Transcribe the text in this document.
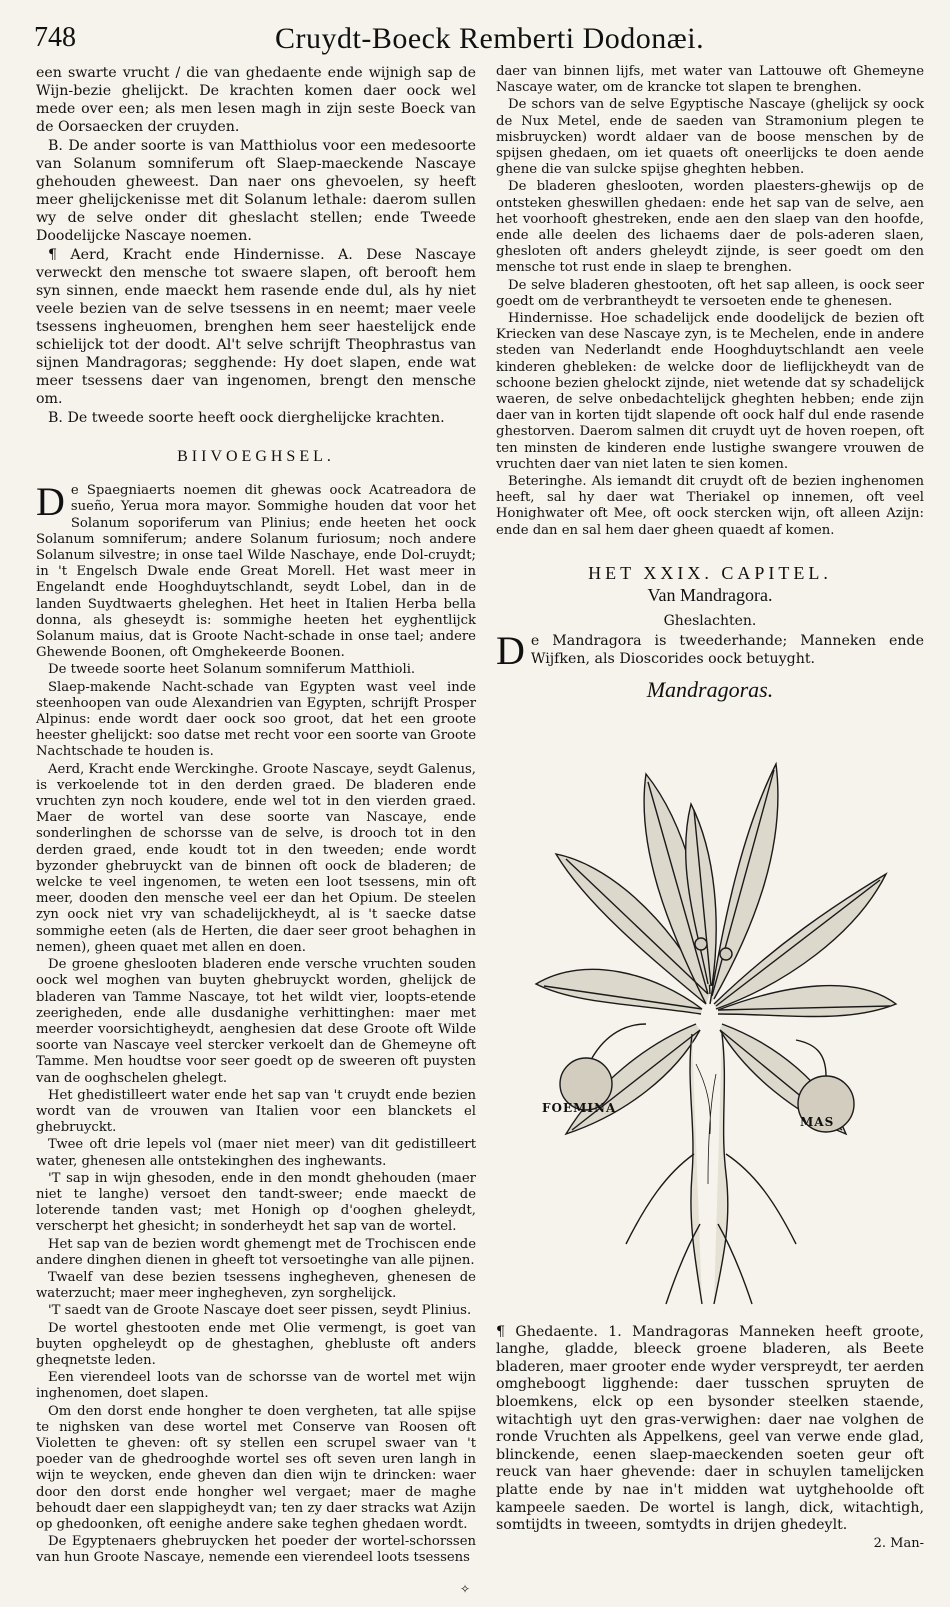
748	Cruydt-Boeck Remberti Dodonæi.

een swarte vrucht / die van ghedaente ende wijnigh sap de Wijn-bezie ghelijckt. De krachten komen daer oock wel mede over een; als men lesen magh in zijn seste Boeck van de Oorsaecken der cruyden.

B. De ander soorte is van Matthiolus voor een medesoorte van Solanum somniferum oft Slaep-maeckende Nascaye ghehouden gheweest. Dan naer ons ghevoelen, sy heeft meer ghelijckenisse met dit Solanum lethale: daerom sullen wy de selve onder dit gheslacht stellen; ende Tweede Doodelijcke Nascaye noemen.

¶ Aerd, Kracht ende Hindernisse. A. Dese Nascaye verweckt den mensche tot swaere slapen, oft berooft hem syn sinnen, ende maeckt hem rasende ende dul, als hy niet veele bezien van de selve tsessens in en neemt; maer veele tsessens ingheuomen, brenghen hem seer haestelijck ende schielijck tot der doodt. Al't selve schrijft Theophrastus van sijnen Mandragoras; segghende: Hy doet slapen, ende wat meer tsessens daer van ingenomen, brengt den mensche om.

B. De tweede soorte heeft oock dierghelijcke krachten.

BIIVOEGHSEL.

De Spaegniaerts noemen dit ghewas oock Acatreadora de sueño, Yerua mora mayor. Sommighe houden dat voor het Solanum soporiferum van Plinius; ende heeten het oock Solanum somniferum; andere Solanum furiosum; noch andere Solanum silvestre; in onse tael Wilde Naschaye, ende Dol-cruydt; in 't Engelsch Dwale ende Great Morell. Het wast meer in Engelandt ende Hooghduytschlandt, seydt Lobel, dan in de landen Suydtwaerts gheleghen. Het heet in Italien Herba bella donna, als gheseydt is: sommighe heeten het eyghentlijck Solanum maius, dat is Groote Nacht-schade in onse tael; andere Ghewende Boonen, oft Omghekeerde Boonen.

De tweede soorte heet Solanum somniferum Matthioli.

Slaep-makende Nacht-schade van Egypten wast veel inde steenhoopen van oude Alexandrien van Egypten, schrijft Prosper Alpinus: ende wordt daer oock soo groot, dat het een groote heester ghelijckt: soo datse met recht voor een soorte van Groote Nachtschade te houden is.

Aerd, Kracht ende Werckinghe. Groote Nascaye, seydt Galenus, is verkoelende tot in den derden graed. De bladeren ende vruchten zyn noch koudere, ende wel tot in den vierden graed. Maer de wortel van dese soorte van Nascaye, ende sonderlinghen de schorsse van de selve, is drooch tot in den derden graed, ende koudt tot in den tweeden; ende wordt byzonder ghebruyckt van de binnen oft oock de bladeren; de welcke te veel ingenomen, te weten een loot tsessens, min oft meer, dooden den mensche veel eer dan het Opium. De steelen zyn oock niet vry van schadelijckheydt, al is 't saecke datse sommighe eeten (als de Herten, die daer seer groot behaghen in nemen), gheen quaet met allen en doen.

De groene gheslooten bladeren ende versche vruchten souden oock wel moghen van buyten ghebruyckt worden, ghelijck de bladeren van Tamme Nascaye, tot het wildt vier, loopts-etende zeerigheden, ende alle dusdanighe verhittinghen: maer met meerder voorsichtigheydt, aenghesien dat dese Groote oft Wilde soorte van Nascaye veel stercker verkoelt dan de Ghemeyne oft Tamme. Men houdtse voor seer goedt op de sweeren oft puysten van de ooghschelen ghelegt.

Het ghedistilleert water ende het sap van 't cruydt ende bezien wordt van de vrouwen van Italien voor een blanckets el ghebruyckt.

Twee oft drie lepels vol (maer niet meer) van dit gedistilleert water, ghenesen alle ontstekinghen des inghewants.

'T sap in wijn ghesoden, ende in den mondt ghehouden (maer niet te langhe) versoet den tandt-sweer; ende maeckt de loterende tanden vast; met Honigh op d'ooghen gheleydt, verscherpt het ghesicht; in sonderheydt het sap van de wortel.

Het sap van de bezien wordt ghemengt met de Trochiscen ende andere dinghen dienen in gheeft tot versoetinghe van alle pijnen.

Twaelf van dese bezien tsessens inghegheven, ghenesen de waterzucht; maer meer inghegheven, zyn sorghelijck.

'T saedt van de Groote Nascaye doet seer pissen, seydt Plinius.

De wortel ghestooten ende met Olie vermengt, is goet van buyten opgheleydt op de ghestaghen, ghebluste oft anders gheqnetste leden.

Een vierendeel loots van de schorsse van de wortel met wijn inghenomen, doet slapen.

Om den dorst ende hongher te doen vergheten, tat alle spijse te nighsken van dese wortel met Conserve van Roosen oft Violetten te gheven: oft sy stellen een scrupel swaer van 't poeder van de ghedrooghde wortel ses oft seven uren langh in wijn te weycken, ende gheven dan dien wijn te drincken: waer door den dorst ende hongher wel vergaet; maer de maghe behoudt daer een slappigheydt van; ten zy daer stracks wat Azijn op ghedoonken, oft eenighe andere sake teghen ghedaen wordt.

De Egyptenaers ghebruycken het poeder der wortel-schorssen van hun Groote Nascaye, nemende een vierendeel loots tsessens

daer van binnen lijfs, met water van Lattouwe oft Ghemeyne Nascaye water, om de krancke tot slapen te brenghen.

De schors van de selve Egyptische Nascaye (ghelijck sy oock de Nux Metel, ende de saeden van Stramonium plegen te misbruycken) wordt aldaer van de boose menschen by de spijsen ghedaen, om iet quaets oft oneerlijcks te doen aende ghene die van sulcke spijse gheghten hebben.

De bladeren gheslooten, worden plaesters-ghewijs op de ontsteken gheswillen ghedaen: ende het sap van de selve, aen het voorhooft ghestreken, ende aen den slaep van den hoofde, ende alle deelen des lichaems daer de pols-aderen slaen, ghesloten oft anders gheleydt zijnde, is seer goedt om den mensche tot rust ende in slaep te brenghen.

De selve bladeren ghestooten, oft het sap alleen, is oock seer goedt om de verbrantheydt te versoeten ende te ghenesen.

Hindernisse. Hoe schadelijck ende doodelijck de bezien oft Kriecken van dese Nascaye zyn, is te Mechelen, ende in andere steden van Nederlandt ende Hooghduytschlandt aen veele kinderen ghebleken: de welcke door de lieflijckheydt van de schoone bezien ghelockt zijnde, niet wetende dat sy schadelijck waeren, de selve onbedachtelijck gheghten hebben; ende zijn daer van in korten tijdt slapende oft oock half dul ende rasende ghestorven. Daerom salmen dit cruydt uyt de hoven roepen, oft ten minsten de kinderen ende lustighe swangere vrouwen de vruchten daer van niet laten te sien komen.

Beteringhe. Als iemandt dit cruydt oft de bezien inghenomen heeft, sal hy daer wat Theriakel op innemen, oft veel Honighwater oft Mee, oft oock stercken wijn, oft alleen Azijn: ende dan en sal hem daer gheen quaedt af komen.

HET XXIX. CAPITEL.
Van Mandragora.
Gheslachten.

De Mandragora is tweederhande; Manneken ende Wijfken, als Dioscorides oock betuyght.

Mandragoras.
FOEMINA
MAS

¶ Ghedaente. 1. Mandragoras Manneken heeft groote, langhe, gladde, bleeck groene bladeren, als Beete bladeren, maer grooter ende wyder verspreydt, ter aerden omgheboogt ligghende: daer tusschen spruyten de bloemkens, elck op een bysonder steelken staende, witachtigh uyt den gras-verwighen: daer nae volghen de ronde Vruchten als Appelkens, geel van verwe ende glad, blinckende, eenen slaep-maeckenden soeten geur oft reuck van haer ghevende: daer in schuylen tamelijcken platte ende by nae in't midden wat uytghehoolde oft kampeele saeden. De wortel is langh, dick, witachtigh, somtijdts in tweeen, somtydts in drijen ghedeylt.

2. Man-
✧
